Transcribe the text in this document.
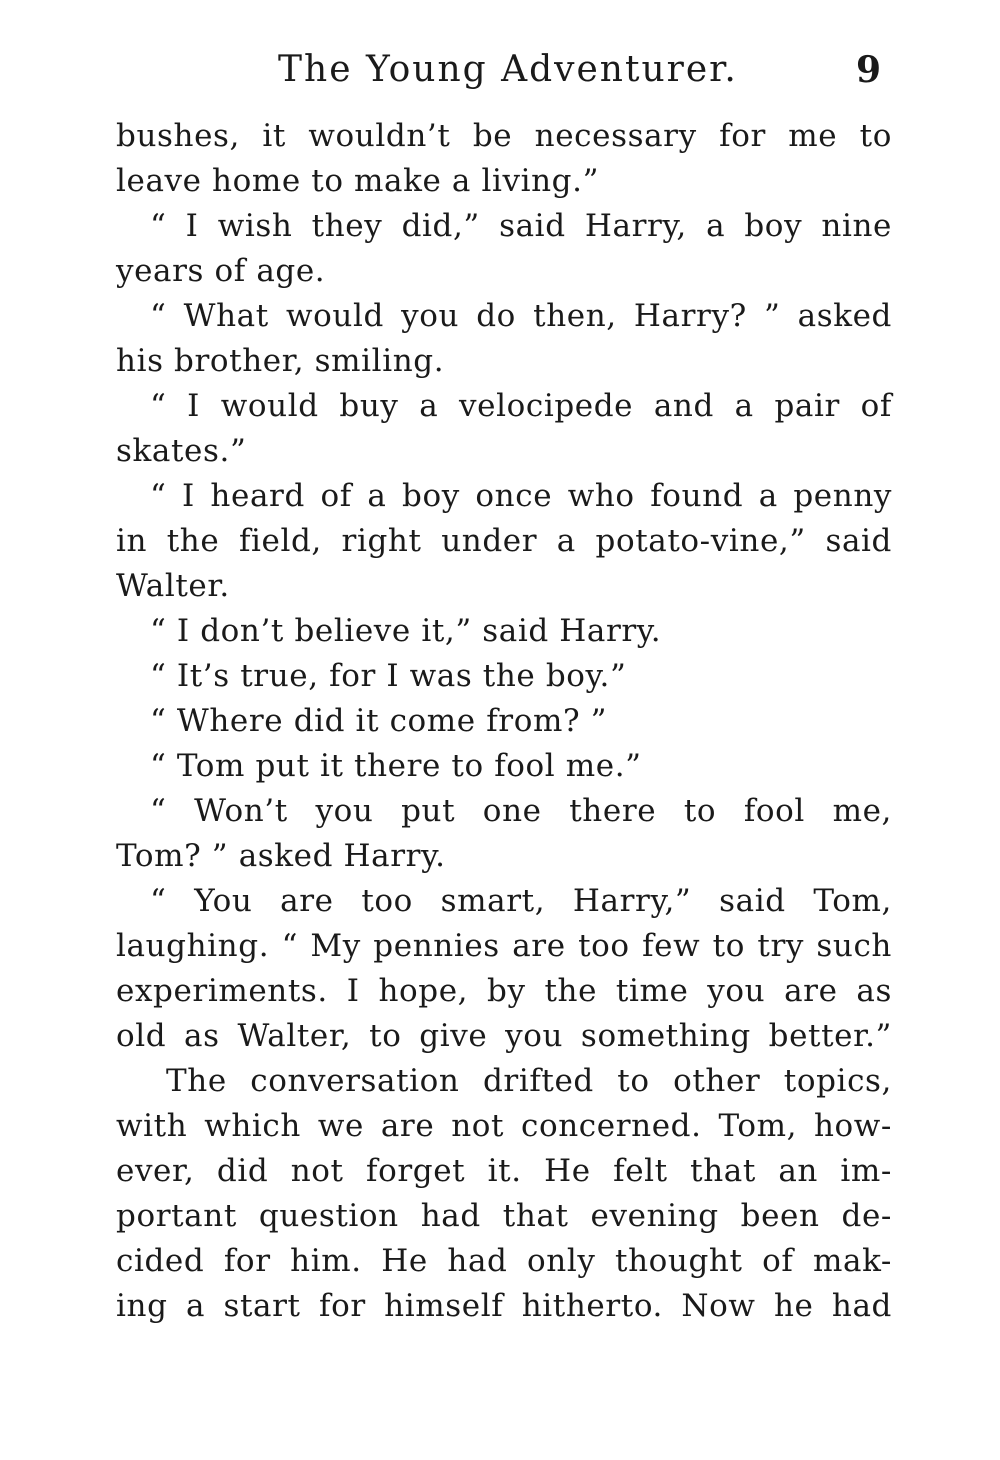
The Young Adventurer.	9
bushes, it wouldn’t be necessary for me to
leave home to make a living.”
“ I wish they did,” said Harry, a boy nine
years of age.
“ What would you do then, Harry? ” asked
his brother, smiling.
“ I would buy a velocipede and a pair of
skates.”
“ I heard of a boy once who found a penny
in the field, right under a potato-vine,” said
Walter.
“ I don’t believe it,” said Harry.
“ It’s true, for I was the boy.”
“ Where did it come from? ”
“ Tom put it there to fool me.”
“ Won’t you put one there to fool me,
Tom? ” asked Harry.
“ You are too smart, Harry,” said Tom,
laughing. “ My pennies are too few to try such
experiments. I hope, by the time you are as
old as Walter, to give you something better.”
The conversation drifted to other topics,
with which we are not concerned. Tom, how-
ever, did not forget it. He felt that an im-
portant question had that evening been de-
cided for him. He had only thought of mak-
ing a start for himself hitherto. Now he had
